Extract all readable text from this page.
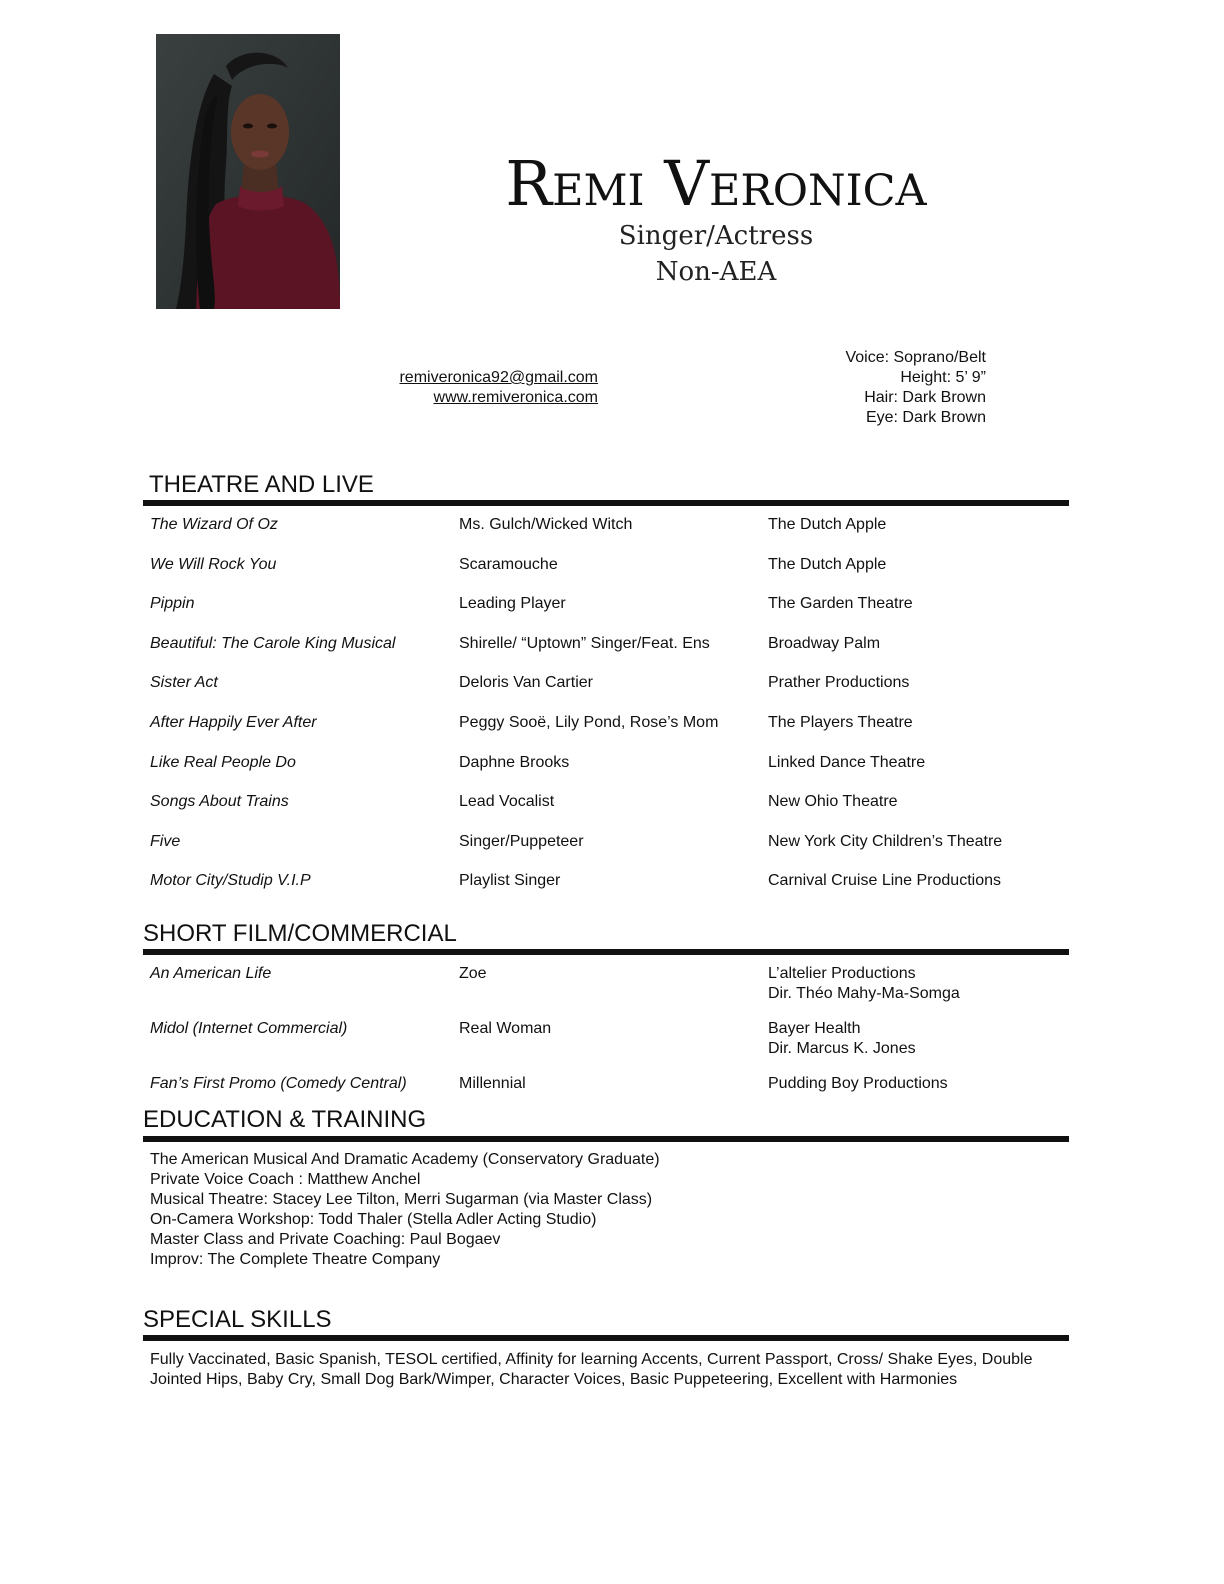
Remi Veronica
Singer/Actress
Non-AEA
remiveronica92@gmail.com
www.remiveronica.com
Voice: Soprano/Belt
Height: 5’ 9”
Hair: Dark Brown
Eye: Dark Brown
THEATRE AND LIVE
The Wizard Of Oz	Ms. Gulch/Wicked Witch	The Dutch Apple
We Will Rock You	Scaramouche	The Dutch Apple
Pippin	Leading Player	The Garden Theatre
Beautiful: The Carole King Musical	Shirelle/ “Uptown” Singer/Feat. Ens	Broadway Palm
Sister Act	Deloris Van Cartier	Prather Productions
After Happily Ever After	Peggy Sooë, Lily Pond, Rose’s Mom	The Players Theatre
Like Real People Do	Daphne Brooks	Linked Dance Theatre
Songs About Trains	Lead Vocalist	New Ohio Theatre
Five	Singer/Puppeteer	New York City Children’s Theatre
Motor City/Studip V.I.P	Playlist Singer	Carnival Cruise Line Productions
SHORT FILM/COMMERCIAL
An American Life	Zoe	L’altelier Productions
Dir. Théo Mahy-Ma-Somga
Midol (Internet Commercial)	Real Woman	Bayer Health
Dir. Marcus K. Jones
Fan’s First Promo (Comedy Central)	Millennial	Pudding Boy Productions
EDUCATION & TRAINING
The American Musical And Dramatic Academy (Conservatory Graduate)
Private Voice Coach : Matthew Anchel
Musical Theatre: Stacey Lee Tilton, Merri Sugarman (via Master Class)
On-Camera Workshop: Todd Thaler (Stella Adler Acting Studio)
Master Class and Private Coaching: Paul Bogaev
Improv: The Complete Theatre Company
SPECIAL SKILLS
Fully Vaccinated, Basic Spanish, TESOL certified, Affinity for learning Accents, Current Passport, Cross/ Shake Eyes, Double
Jointed Hips, Baby Cry, Small Dog Bark/Wimper, Character Voices, Basic Puppeteering, Excellent with Harmonies
